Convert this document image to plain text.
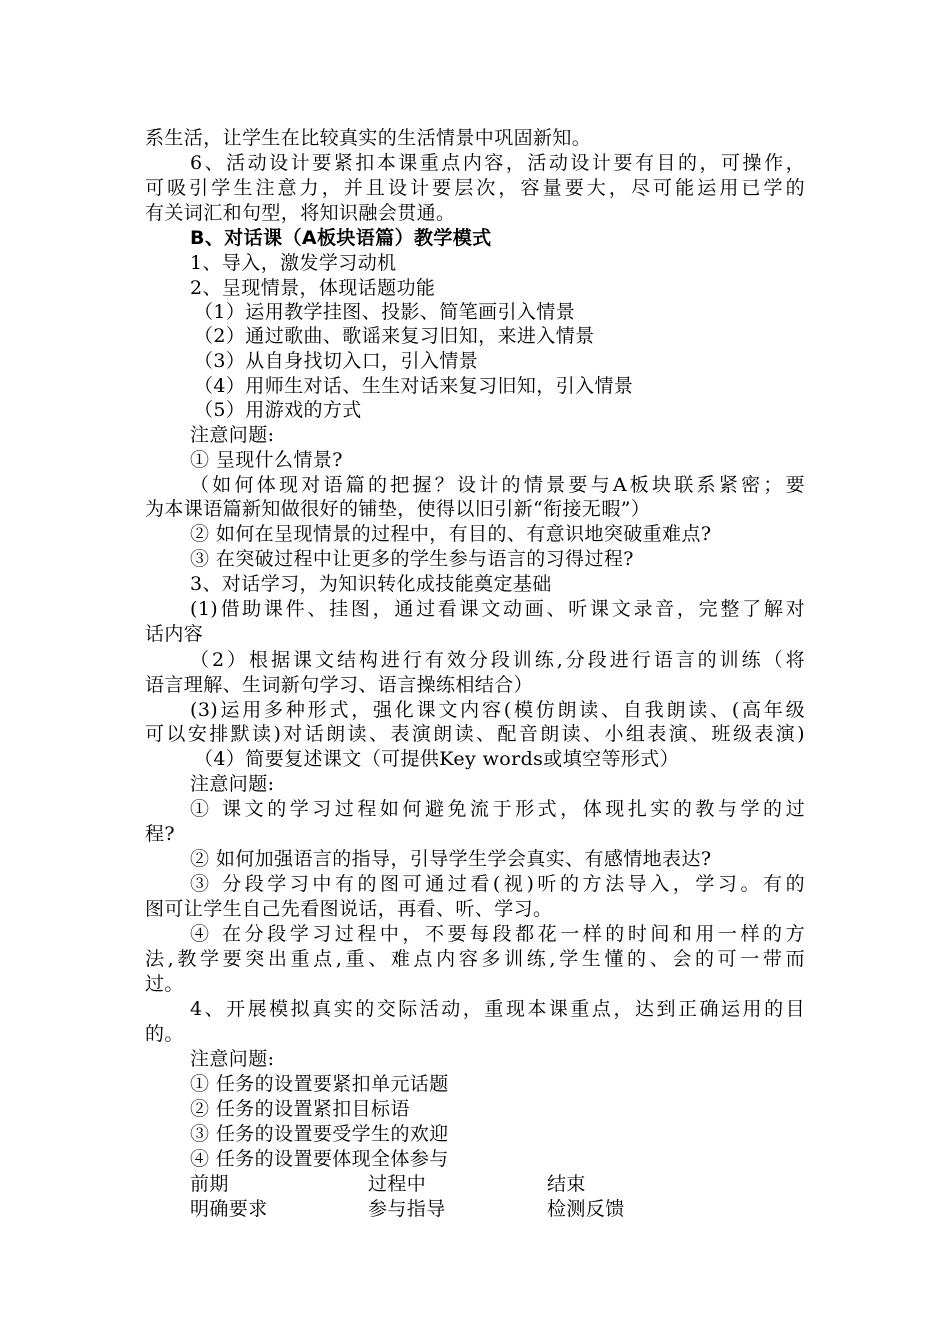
系生活，让学生在比较真实的生活情景中巩固新知。
6、活动设计要紧扣本课重点内容，活动设计要有目的，可操作，
可吸引学生注意力，并且设计要层次，容量要大，尽可能运用已学的
有关词汇和句型，将知识融会贯通。
B、对话课（A板块语篇）教学模式
1、导入，激发学习动机
2、呈现情景，体现话题功能
（1）运用教学挂图、投影、简笔画引入情景
（2）通过歌曲、歌谣来复习旧知，来进入情景
（3）从自身找切入口，引入情景
（4）用师生对话、生生对话来复习旧知，引入情景
（5）用游戏的方式
注意问题:
① 呈现什么情景?
（如何体现对语篇的把握？设计的情景要与A板块联系紧密；要
为本课语篇新知做很好的铺垫，使得以旧引新“衔接无暇”）
② 如何在呈现情景的过程中，有目的、有意识地突破重难点?
③ 在突破过程中让更多的学生参与语言的习得过程?
3、对话学习，为知识转化成技能奠定基础
(1)借助课件、挂图，通过看课文动画、听课文录音，完整了解对
话内容
（2）根据课文结构进行有效分段训练,分段进行语言的训练（将
语言理解、生词新句学习、语言操练相结合）
(3)运用多种形式，强化课文内容(模仿朗读、自我朗读、(高年级
可以安排默读)对话朗读、表演朗读、配音朗读、小组表演、班级表演)
（4）简要复述课文（可提供Key words或填空等形式）
注意问题:
① 课文的学习过程如何避免流于形式，体现扎实的教与学的过
程?
② 如何加强语言的指导，引导学生学会真实、有感情地表达?
③ 分段学习中有的图可通过看(视)听的方法导入，学习。有的
图可让学生自己先看图说话，再看、听、学习。
④ 在分段学习过程中，不要每段都花一样的时间和用一样的方
法,教学要突出重点,重、难点内容多训练,学生懂的、会的可一带而
过。
4、开展模拟真实的交际活动，重现本课重点，达到正确运用的目
的。
注意问题:
① 任务的设置要紧扣单元话题
② 任务的设置紧扣目标语
③ 任务的设置要受学生的欢迎
④ 任务的设置要体现全体参与
前期	过程中	结束
明确要求	参与指导	检测反馈
